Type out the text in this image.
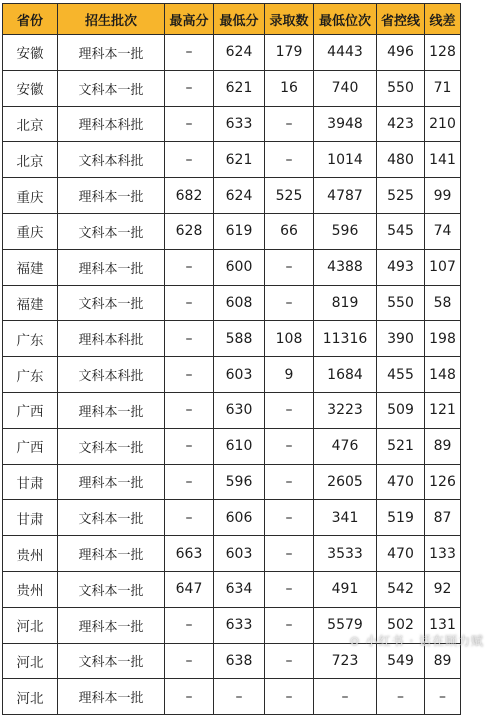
省份	招生批次	最高分	最低分	录取数	最低位次	省控线	线差
安徽	理科本一批	–	624	179	4443	496	128
安徽	文科本一批	–	621	16	740	550	71
北京	理科本科批	–	633	–	3948	423	210
北京	文科本科批	–	621	–	1014	480	141
重庆	理科本一批	682	624	525	4787	525	99
重庆	文科本一批	628	619	66	596	545	74
福建	理科本一批	–	600	–	4388	493	107
福建	文科本一批	–	608	–	819	550	58
广东	理科本科批	–	588	108	11316	390	198
广东	文科本科批	–	603	9	1684	455	148
广西	理科本一批	–	630	–	3223	509	121
广西	文科本一批	–	610	–	476	521	89
甘肃	理科本一批	–	596	–	2605	470	126
甘肃	文科本一批	–	606	–	341	519	87
贵州	理科本一批	663	603	–	3533	470	133
贵州	文科本一批	647	634	–	491	542	92
河北	理科本一批	–	633	–	5579	502	131
河北	文科本一批	–	638	–	723	549	89
河北	理科本一批	–	–	–	–	–	–
⊙ 小红书 · 话在顾力赋
